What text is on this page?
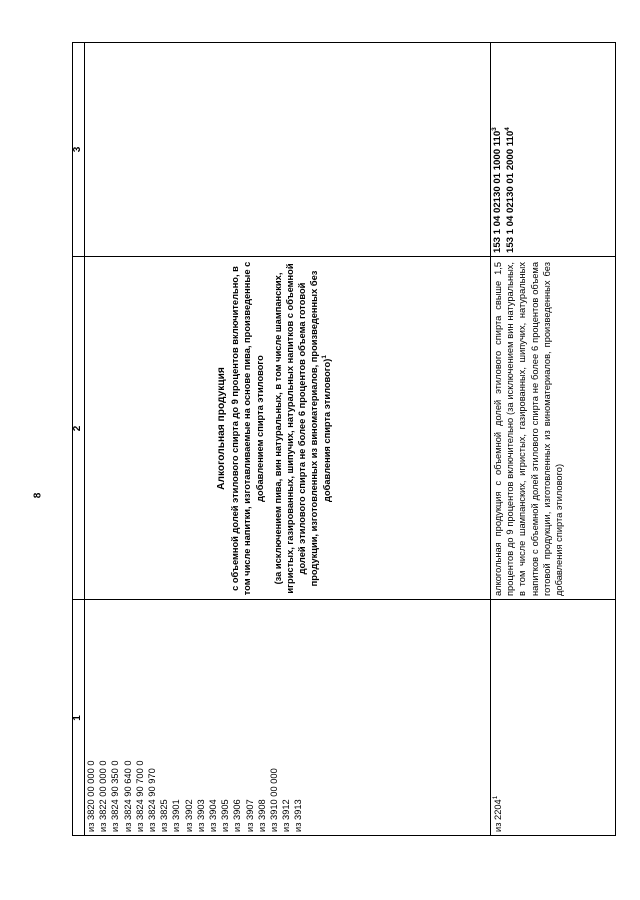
8
1
2
3
из 3820 00 000 0 из 3822 00 000 0 из 3824 90 350 0 из 3824 90 640 0 из 3824 90 700 0 из 3824 90 970 из 3825 из 3901 из 3902 из 3903 из 3904 из 3905 из 3906 из 3907 из 3908 из 3910 00 000 из 3912 из 3913
Алкогольная продукция с объемной долей этилового спирта до 9 процентов включительно, в том числе напитки, изготавливаемые на основе пива, произведенные с добавлением спирта этилового (за исключением пива, вин натуральных, в том числе шампанских, игристых, газированных, шипучих, натуральных напитков с объемной долей этилового спирта не более 6 процентов объема готовой продукции, изготовленных из виноматериалов, произведенных без добавления спирта этилового)$^1$
из 2204$^1$
алкогольная продукция с объемной долей этилового спирта свыше 1,5 процентов до 9 процентов включительно (за исключением вин натуральных, в том числе шампанских, игристых, газированных, шипучих, натуральных напитков с объемной долей этилового спирта не более 6 процентов объема готовой продукции, изготовленных из виноматериалов, произведенных без добавления спирта этилового)
153 1 04 02130 01 1000 $110^3$
153 1 04 02130 01 2000 $110^4$
